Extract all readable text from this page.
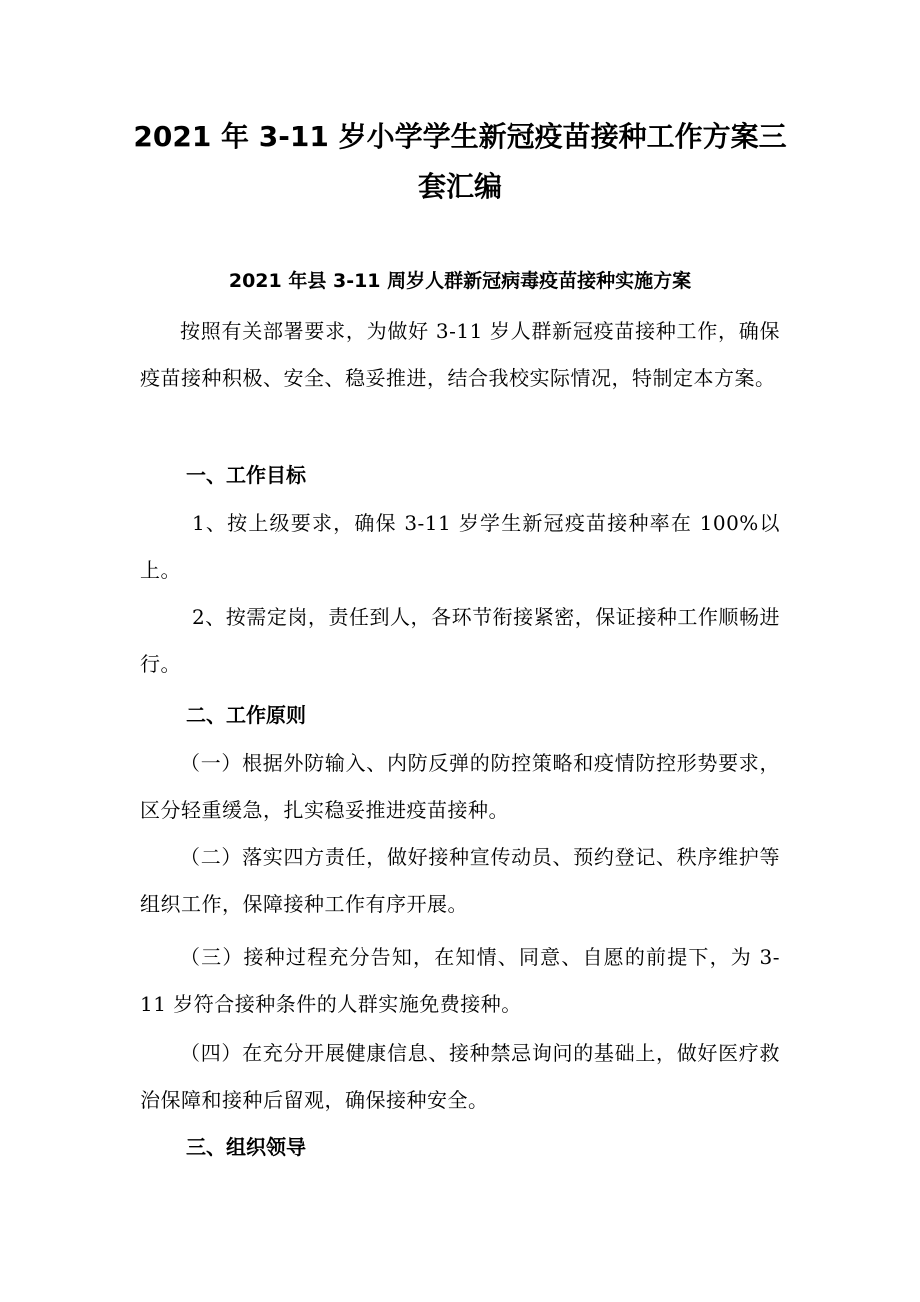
2021 年 3-11 岁小学学生新冠疫苗接种工作方案三套汇编
2021 年县 3-11 周岁人群新冠病毒疫苗接种实施方案

按照有关部署要求，为做好 3-11 岁人群新冠疫苗接种工作，确保疫苗接种积极、安全、稳妥推进，结合我校实际情况，特制定本方案。

一、工作目标

1、按上级要求，确保 3-11 岁学生新冠疫苗接种率在 100%以上。

2、按需定岗，责任到人，各环节衔接紧密，保证接种工作顺畅进行。

二、工作原则

（一）根据外防输入、内防反弹的防控策略和疫情防控形势要求，区分轻重缓急，扎实稳妥推进疫苗接种。

（二）落实四方责任，做好接种宣传动员、预约登记、秩序维护等组织工作，保障接种工作有序开展。

（三）接种过程充分告知，在知情、同意、自愿的前提下，为 3-11 岁符合接种条件的人群实施免费接种。

（四）在充分开展健康信息、接种禁忌询问的基础上，做好医疗救治保障和接种后留观，确保接种安全。

三、组织领导
